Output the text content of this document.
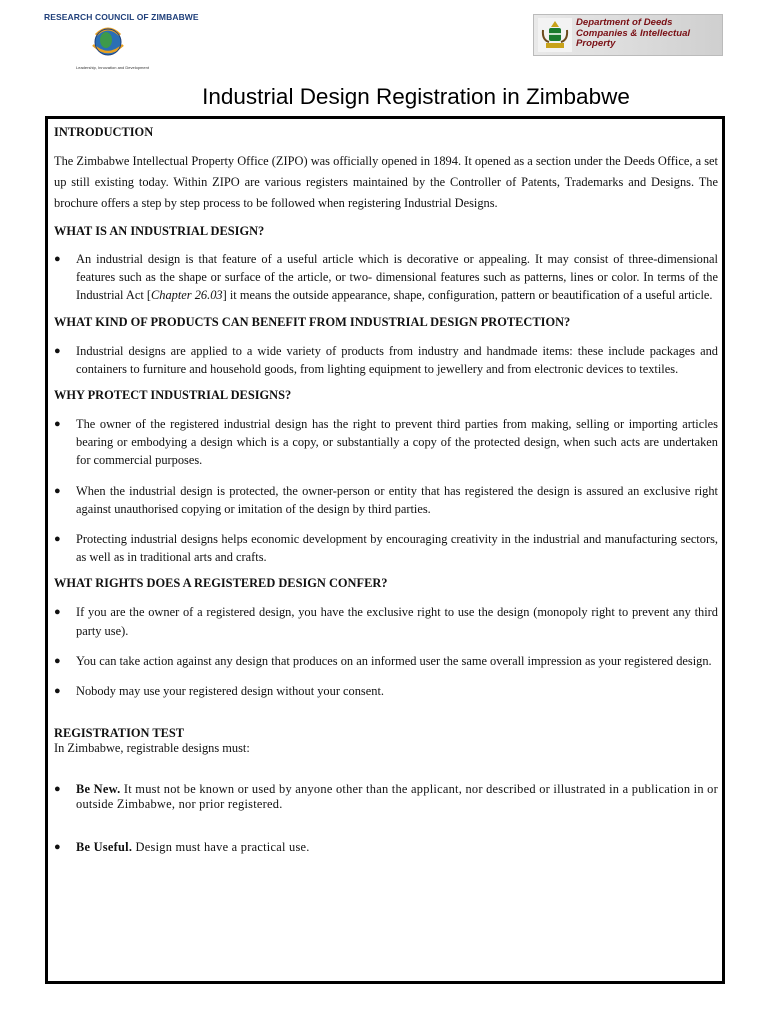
RESEARCH COUNCIL OF ZIMBABWE
Leadership, Innovation and Development
Department of Deeds
Companies & Intellectual
Property
Industrial Design Registration in Zimbabwe
INTRODUCTION

The Zimbabwe Intellectual Property Office (ZIPO) was officially opened in 1894. It opened as a section under the Deeds Office, a set up still existing today. Within ZIPO are various registers maintained by the Controller of Patents, Trademarks and Designs. The brochure offers a step by step process to be followed when registering Industrial Designs.

WHAT IS AN INDUSTRIAL DESIGN?
● An industrial design is that feature of a useful article which is decorative or appealing. It may consist of three-dimensional features such as the shape or surface of the article, or two- dimensional features such as patterns, lines or color. In terms of the Industrial Act [Chapter 26.03] it means the outside appearance, shape, configuration, pattern or beautification of a useful article.
WHAT KIND OF PRODUCTS CAN BENEFIT FROM INDUSTRIAL DESIGN PROTECTION?
● Industrial designs are applied to a wide variety of products from industry and handmade items: these include packages and containers to furniture and household goods, from lighting equipment to jewellery and from electronic devices to textiles.
WHY PROTECT INDUSTRIAL DESIGNS?
● The owner of the registered industrial design has the right to prevent third parties from making, selling or importing articles bearing or embodying a design which is a copy, or substantially a copy of the protected design, when such acts are undertaken for commercial purposes.
● When the industrial design is protected, the owner-person or entity that has registered the design is assured an exclusive right against unauthorised copying or imitation of the design by third parties.
● Protecting industrial designs helps economic development by encouraging creativity in the industrial and manufacturing sectors, as well as in traditional arts and crafts.
WHAT RIGHTS DOES A REGISTERED DESIGN CONFER?
● If you are the owner of a registered design, you have the exclusive right to use the design (monopoly right to prevent any third party use).
● You can take action against any design that produces on an informed user the same overall impression as your registered design.
● Nobody may use your registered design without your consent.
REGISTRATION TEST

In Zimbabwe, registrable designs must:

● Be New. It must not be known or used by anyone other than the applicant, nor described or illustrated in a publication in or outside Zimbabwe, nor prior registered.
● Be Useful. Design must have a practical use.
